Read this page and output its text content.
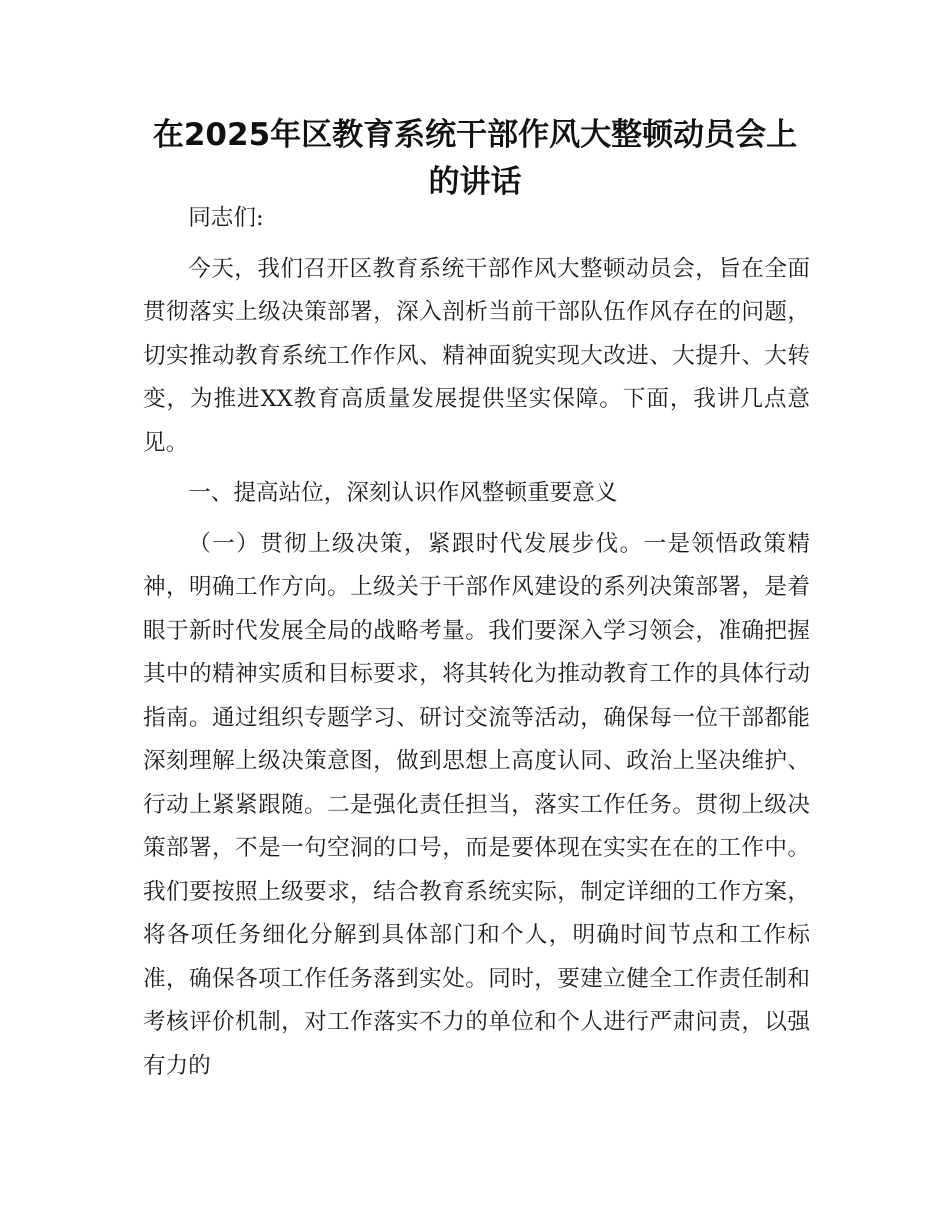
在2025年区教育系统干部作风大整顿动员会上
的讲话

同志们:

今天，我们召开区教育系统干部作风大整顿动员会，旨在全面贯彻落实上级决策部署，深入剖析当前干部队伍作风存在的问题，切实推动教育系统工作作风、精神面貌实现大改进、大提升、大转变，为推进XX教育高质量发展提供坚实保障。下面，我讲几点意见。

一、提高站位，深刻认识作风整顿重要意义

（一）贯彻上级决策，紧跟时代发展步伐。一是领悟政策精神，明确工作方向。上级关于干部作风建设的系列决策部署，是着眼于新时代发展全局的战略考量。我们要深入学习领会，准确把握其中的精神实质和目标要求，将其转化为推动教育工作的具体行动指南。通过组织专题学习、研讨交流等活动，确保每一位干部都能深刻理解上级决策意图，做到思想上高度认同、政治上坚决维护、行动上紧紧跟随。二是强化责任担当，落实工作任务。贯彻上级决策部署，不是一句空洞的口号，而是要体现在实实在在的工作中。我们要按照上级要求，结合教育系统实际，制定详细的工作方案，将各项任务细化分解到具体部门和个人，明确时间节点和工作标准，确保各项工作任务落到实处。同时，要建立健全工作责任制和考核评价机制，对工作落实不力的单位和个人进行严肃问责，以强有力的
